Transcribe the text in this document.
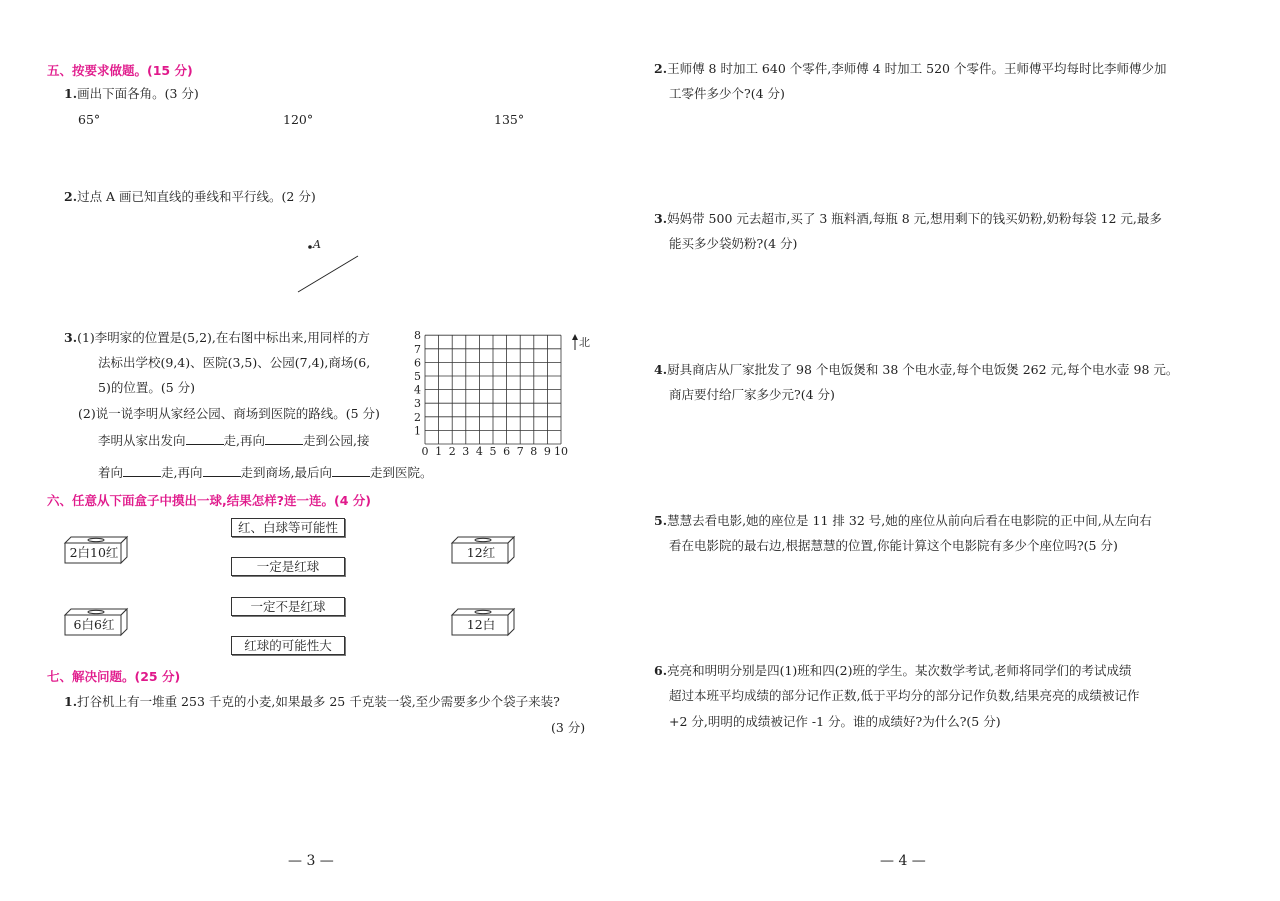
五、按要求做题。(15 分)
1.画出下面各角。(3 分)
65°	120°	135°
2.过点 A 画已知直线的垂线和平行线。(2 分)
A
3.(1)李明家的位置是(5,2),在右图中标出来,用同样的方
法标出学校(9,4)、医院(3,5)、公园(7,4),商场(6,
5)的位置。(5 分)
(2)说一说李明从家经公园、商场到医院的路线。(5 分)
李明从家出发向	走,再向	走到公园,接
着向	走,再向	走到商场,最后向	走到医院。
0 1 2 3 4 5 6 7 8 9 10
8
7
6
5
4
3
2
1
北
六、任意从下面盒子中摸出一球,结果怎样?连一连。(4 分)
2白10红	12红
6白6红	12白
红、白球等可能性
一定是红球
一定不是红球
红球的可能性大
七、解决问题。(25 分)
1.打谷机上有一堆重 253 千克的小麦,如果最多 25 千克装一袋,至少需要多少个袋子来装?
(3 分)
— 3 —
2.王师傅 8 时加工 640 个零件,李师傅 4 时加工 520 个零件。王师傅平均每时比李师傅少加
工零件多少个?(4 分)
3.妈妈带 500 元去超市,买了 3 瓶料酒,每瓶 8 元,想用剩下的钱买奶粉,奶粉每袋 12 元,最多
能买多少袋奶粉?(4 分)
4.厨具商店从厂家批发了 98 个电饭煲和 38 个电水壶,每个电饭煲 262 元,每个电水壶 98 元。
商店要付给厂家多少元?(4 分)
5.慧慧去看电影,她的座位是 11 排 32 号,她的座位从前向后看在电影院的正中间,从左向右
看在电影院的最右边,根据慧慧的位置,你能计算这个电影院有多少个座位吗?(5 分)
6.亮亮和明明分别是四(1)班和四(2)班的学生。某次数学考试,老师将同学们的考试成绩
超过本班平均成绩的部分记作正数,低于平均分的部分记作负数,结果亮亮的成绩被记作
+2 分,明明的成绩被记作 -1 分。谁的成绩好?为什么?(5 分)
— 4 —
